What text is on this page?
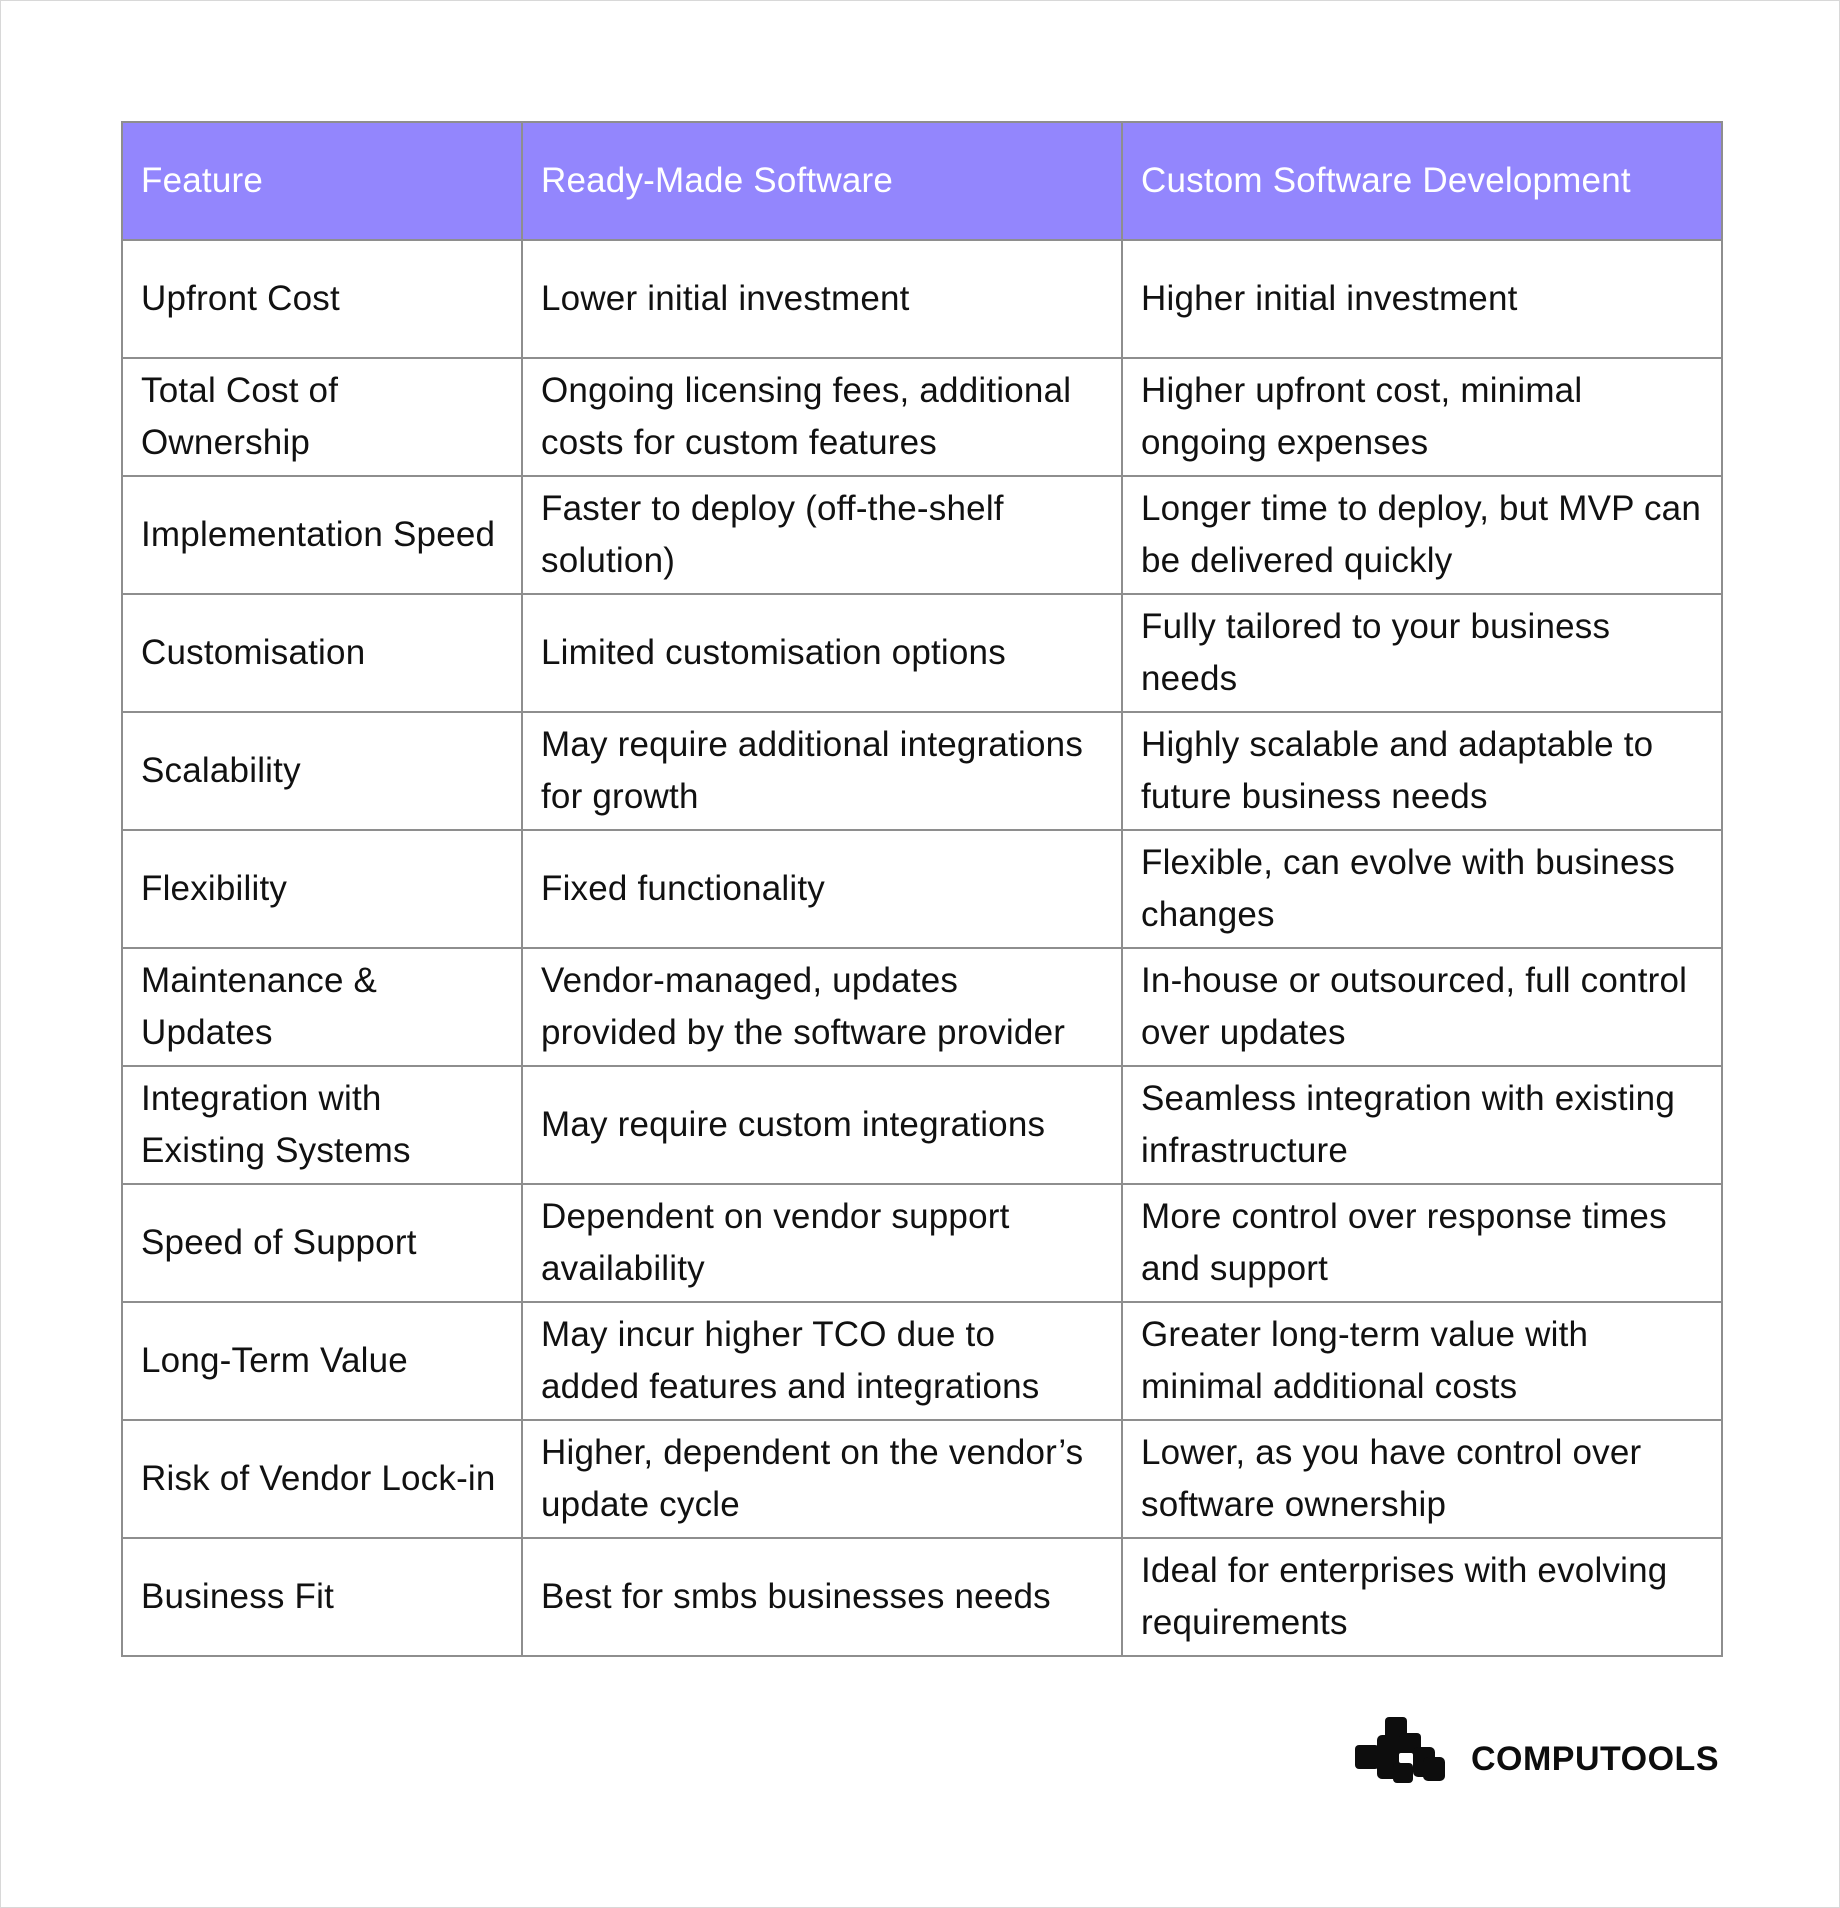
Feature	Ready-Made Software	Custom Software Development
Upfront Cost	Lower initial investment	Higher initial investment
Total Cost of Ownership	Ongoing licensing fees, additional costs for custom features	Higher upfront cost, minimal ongoing expenses
Implementation Speed	Faster to deploy (off-the-shelf solution)	Longer time to deploy, but MVP can be delivered quickly
Customisation	Limited customisation options	Fully tailored to your business needs
Scalability	May require additional integrations for growth	Highly scalable and adaptable to future business needs
Flexibility	Fixed functionality	Flexible, can evolve with business changes
Maintenance & Updates	Vendor-managed, updates provided by the software provider	In-house or outsourced, full control over updates
Integration with Existing Systems	May require custom integrations	Seamless integration with existing infrastructure
Speed of Support	Dependent on vendor support availability	More control over response times and support
Long-Term Value	May incur higher TCO due to added features and integrations	Greater long-term value with minimal additional costs
Risk of Vendor Lock-in	Higher, dependent on the vendor’s update cycle	Lower, as you have control over software ownership
Business Fit	Best for smbs businesses needs	Ideal for enterprises with evolving requirements
COMPUTOOLS
